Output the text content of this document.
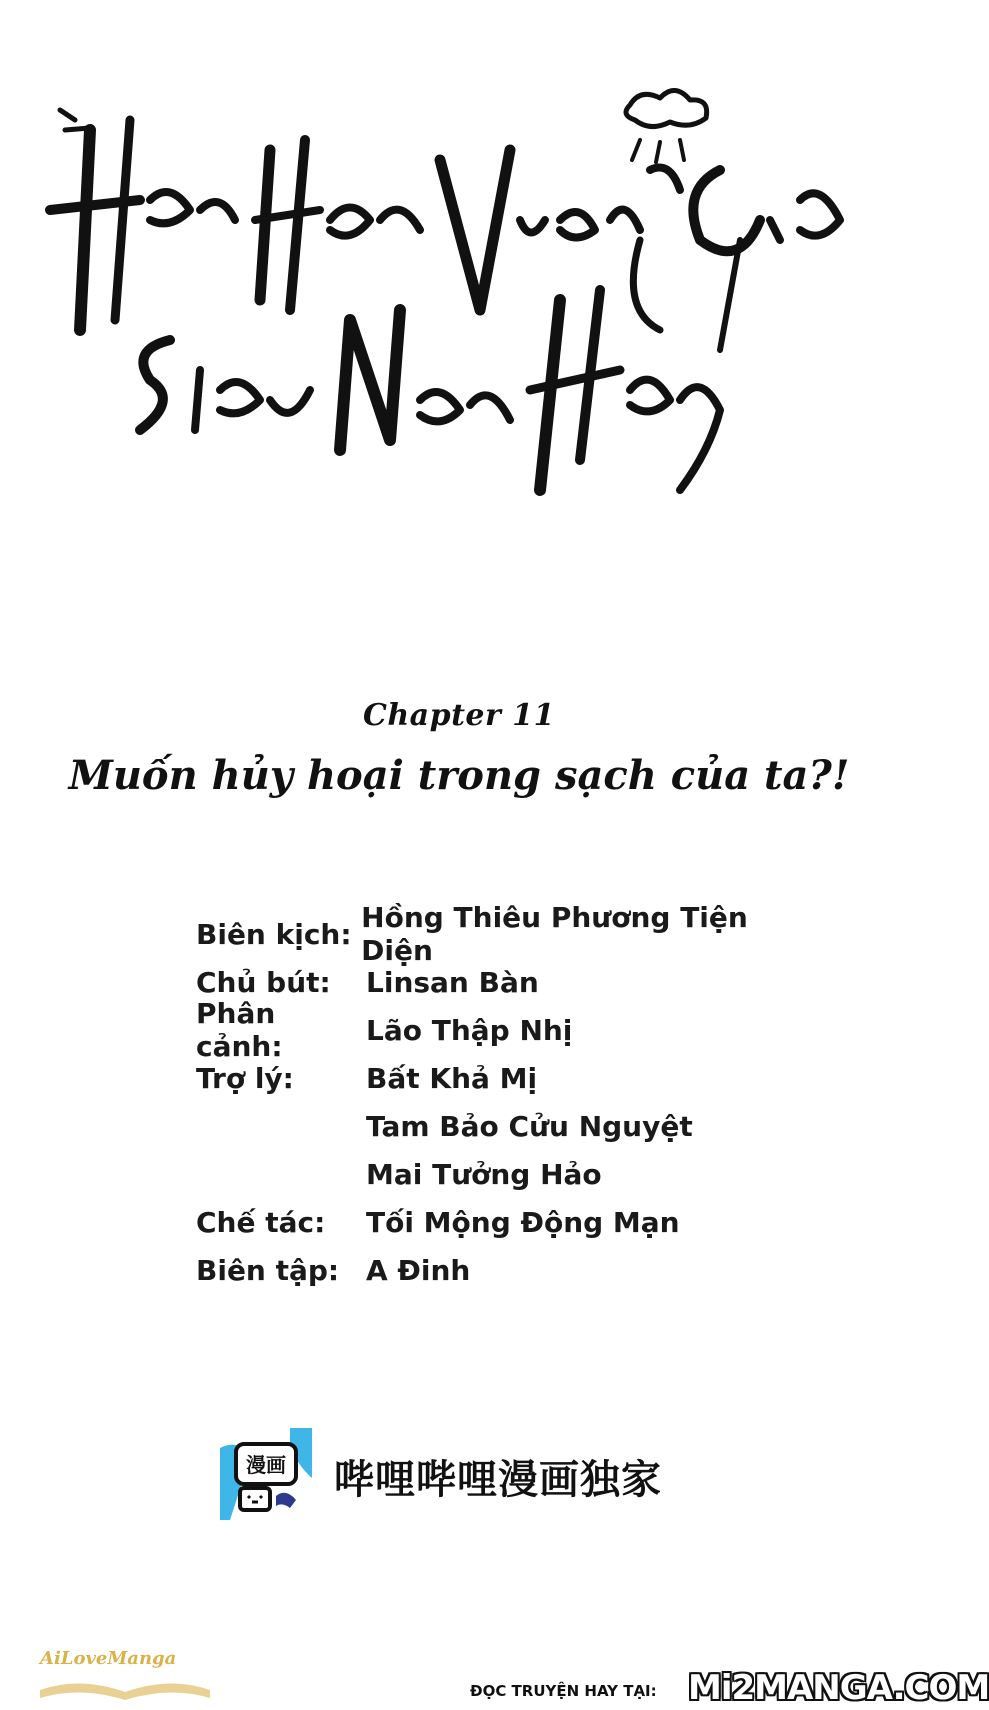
Chapter 11
Muốn hủy hoại trong sạch của ta?!
Biên kịch: Hồng Thiêu Phương Tiện Diện
Chủ bút:	Linsan Bàn
Phân cảnh:	Lão Thập Nhị
Trợ lý:	Bất Khả Mị
Tam Bảo Cửu Nguyệt
Mai Tưởng Hảo
Chế tác:	Tối Mộng Động Mạn
Biên tập: A Đinh
漫画 哔哩哔哩漫画独家
AiLoveManga
ĐỌC TRUYỆN HAY TẠI: Mi2MANGA.COM
